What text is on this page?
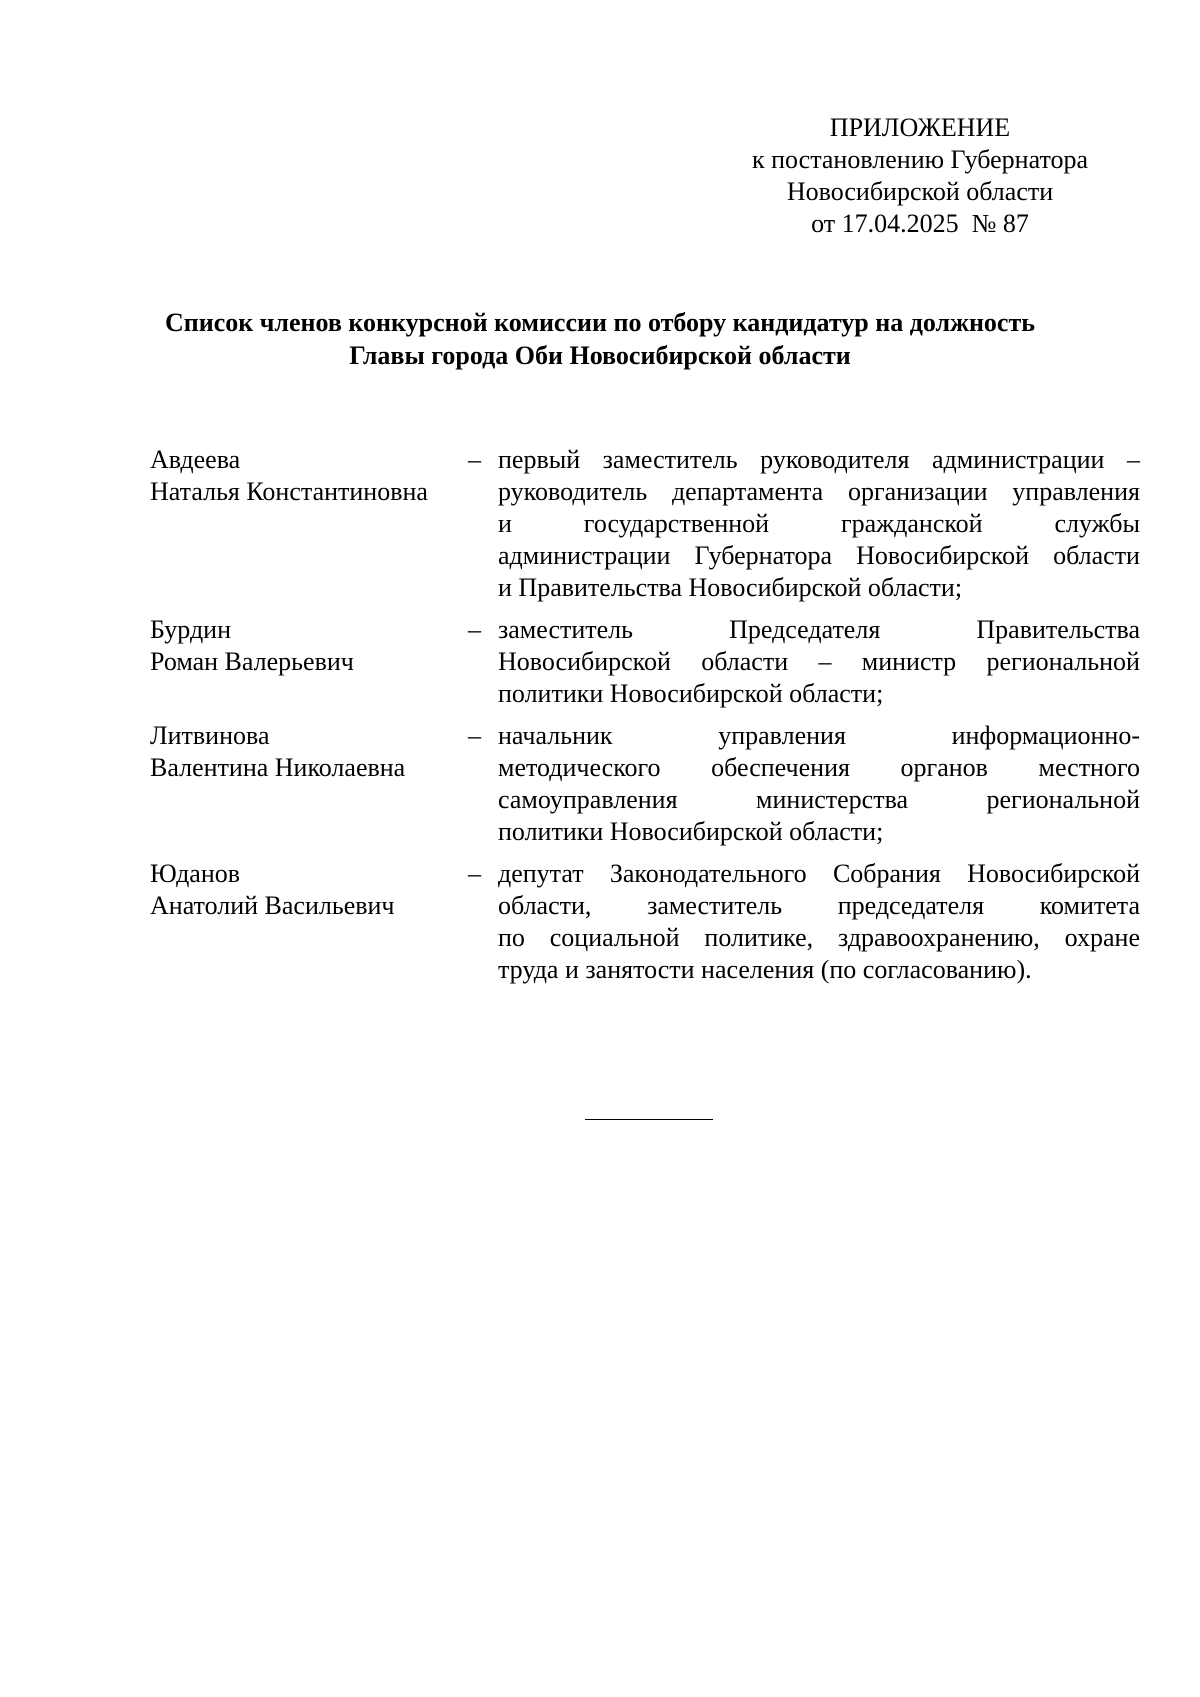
ПРИЛОЖЕНИЕ
к постановлению Губернатора
Новосибирской области
от 17.04.2025  № 87
Список членов конкурсной комиссии по отбору кандидатур на должность
Главы города Оби Новосибирской области
Авдеева
Наталья Константиновна
– первый заместитель руководителя администрации –
руководитель департамента организации управления
и	государственной	гражданской	службы
администрации Губернатора Новосибирской области
и Правительства Новосибирской области;
Бурдин
Роман Валерьевич
– заместитель	Председателя	Правительства
Новосибирской области – министр региональной
политики Новосибирской области;
Литвинова
Валентина Николаевна
– начальник	управления	информационно-
методического обеспечения органов местного
самоуправления	министерства	региональной
политики Новосибирской области;
Юданов
Анатолий Васильевич
– депутат Законодательного Собрания Новосибирской
области, заместитель председателя комитета
по социальной политике, здравоохранению, охране
труда и занятости населения (по согласованию).
